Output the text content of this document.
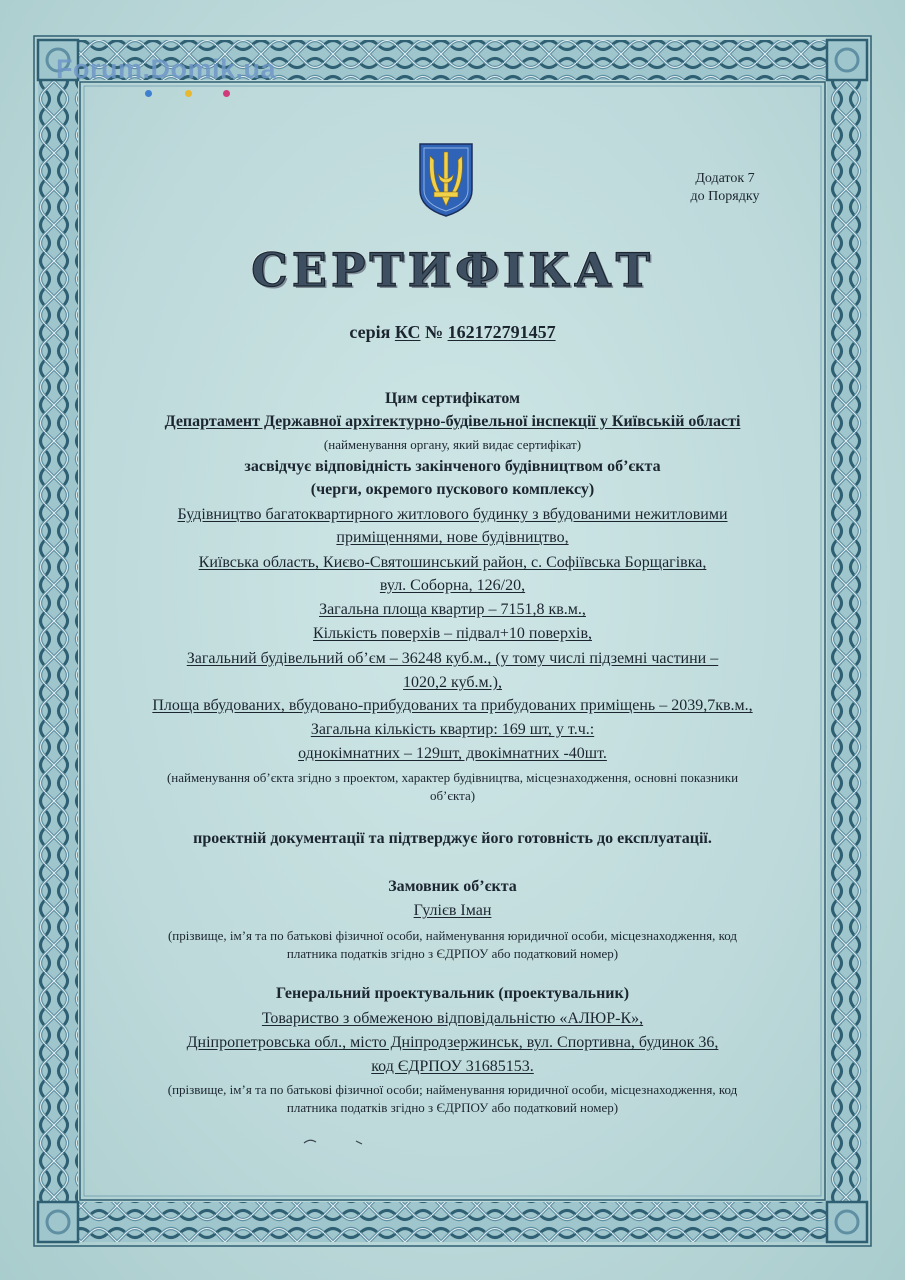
Forum.Domik.ua
Додаток 7
до Порядку
СЕРТИФІКАТ
серія КС № 162172791457
Цим сертифікатом
Департамент Державної архітектурно-будівельної інспекції у Київській області
(найменування органу, який видає сертифікат)
засвідчує відповідність закінченого будівництвом об’єкта
(черги, окремого пускового комплексу)
Будівництво багатоквартирного житлового будинку з вбудованими нежитловими
приміщеннями, нове будівництво,
Київська область, Києво-Святошинський район, с. Софіївська Борщагівка,
вул. Соборна, 126/20,
Загальна площа квартир – 7151,8 кв.м.,
Кількість поверхів – підвал+10 поверхів,
Загальний будівельний об’єм – 36248 куб.м., (у тому числі підземні частини –
1020,2 куб.м.),
Площа вбудованих, вбудовано-прибудованих та прибудованих приміщень – 2039,7кв.м.,
Загальна кількість квартир: 169 шт, у т.ч.:
однокімнатних – 129шт, двокімнатних -40шт.
(найменування об’єкта згідно з проектом, характер будівництва, місцезнаходження, основні показники
об’єкта)
проектній документації та підтверджує його готовність до експлуатації.
Замовник об’єкта
Гулієв Іман
(прізвище, ім’я та по батькові фізичної особи, найменування юридичної особи, місцезнаходження, код
платника податків згідно з ЄДРПОУ або податковий номер)
Генеральний проектувальник (проектувальник)
Товариство з обмеженою відповідальністю «АЛЮР-К»,
Дніпропетровська обл., місто Дніпродзержинськ, вул. Спортивна, будинок 36,
код ЄДРПОУ 31685153.
(прізвище, ім’я та по батькові фізичної особи; найменування юридичної особи, місцезнаходження, код
платника податків згідно з ЄДРПОУ або податковий номер)
